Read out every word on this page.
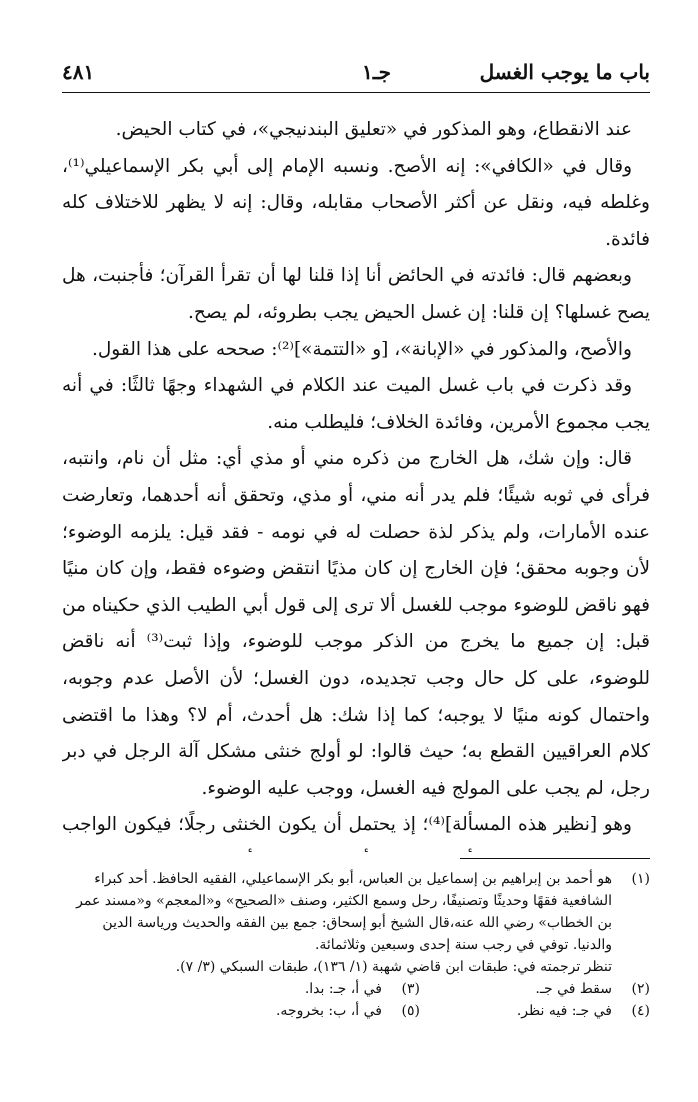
باب ما يوجب الغسل
جـ۱
٤٨١

عند الانقطاع، وهو المذكور في «تعليق البندنيجي»، في كتاب الحيض.

وقال في «الكافي»: إنه الأصح. ونسبه الإمام إلى أبي بكر الإسماعيلي⁽¹⁾، وغلطه فيه، ونقل عن أكثر الأصحاب مقابله، وقال: إنه لا يظهر للاختلاف كله فائدة.

وبعضهم قال: فائدته في الحائض أنا إذا قلنا لها أن تقرأ القرآن؛ فأجنبت، هل يصح غسلها؟ إن قلنا: إن غسل الحيض يجب بطروئه، لم يصح.

والأصح، والمذكور في «الإبانة»، [و «التتمة»]⁽²⁾: صححه على هذا القول.

وقد ذكرت في باب غسل الميت عند الكلام في الشهداء وجهًا ثالثًا: في أنه يجب مجموع الأمرين، وفائدة الخلاف؛ فليطلب منه.

قال: وإن شك، هل الخارج من ذكره مني أو مذي أي: مثل أن نام، وانتبه، فرأى في ثوبه شيئًا؛ فلم يدر أنه مني، أو مذي، وتحقق أنه أحدهما، وتعارضت عنده الأمارات، ولم يذكر لذة حصلت له في نومه - فقد قيل: يلزمه الوضوء؛ لأن وجوبه محقق؛ فإن الخارج إن كان مذيًا انتقض وضوءه فقط، وإن كان منيًا فهو ناقض للوضوء موجب للغسل ألا ترى إلى قول أبي الطيب الذي حكيناه من قبل: إن جميع ما يخرج من الذكر موجب للوضوء، وإذا ثبت⁽³⁾ أنه ناقض للوضوء، على كل حال وجب تجديده، دون الغسل؛ لأن الأصل عدم وجوبه، واحتمال كونه منيًا لا يوجبه؛ كما إذا شك: هل أحدث، أم لا؟ وهذا ما اقتضى كلام العراقيين القطع به؛ حيث قالوا: لو أولج خنثى مشكل آلة الرجل في دبر رجل، لم يجب على المولج فيه الغسل، ووجب عليه الوضوء.

وهو [نظير هذه المسألة]⁽⁴⁾؛ إذ يحتمل أن يكون الخنثى رجلًا؛ فيكون الواجب

(١)
هو أحمد بن إبراهيم بن إسماعيل بن العباس، أبو بكر الإسماعيلي، الفقيه الحافظ. أحد كبراء الشافعية فقهًا وحديثًا وتصنيفًا، رحل وسمع الكثير، وصنف «الصحيح» و«المعجم» و«مسند عمر بن الخطاب» رضي الله عنه،قال الشيخ أبو إسحاق: جمع بين الفقه والحديث ورياسة الدين والدنيا. توفي في رجب سنة إحدى وسبعين وثلاثمائة.
تنظر ترجمته في: طبقات ابن قاضي شهبة (١/ ١٣٦)، طبقات السبكي (٣/ ٧).
(٢)
سقط في جـ.
(٣)
في أ، جـ: بدا.
(٤)
في جـ: فيه نظر.
(٥)
في أ، ب: بخروجه.
